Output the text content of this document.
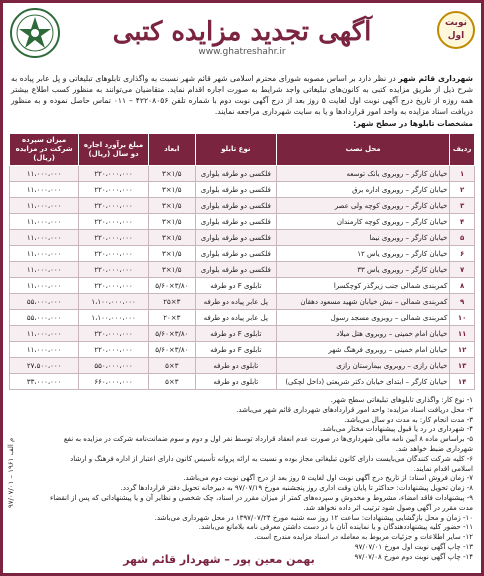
آگهی تجدید مزایده کتبی
www.ghatreshahr.ir
نوبت اول
شهرداری قائم شهر در نظر دارد بر اساس مصوبه شورای محترم اسلامی شهر قائم شهر نسبت به واگذاری تابلوهای تبلیغاتی و پل عابر پیاده به شرح ذیل از طریق مزایده کتبی به کانون‌های تبلیغاتی واجد شرایط به صورت اجاره اقدام نماید. متقاضیان می‌توانند به منظور کسب اطلاع بیشتر همه روزه از تاریخ درج آگهی نوبت اول لغایت ۵ روز بعد از درج آگهی نوبت دوم با شماره تلفن ۴۲۲۰۸۰۵۶ – ۰۱۱ تماس حاصل نموده و به منظور دریافت اسناد مزایده به واحد امور قراردادها و یا به سایت شهرداری مراجعه نمایند.
مشخصات تابلوها در سطح شهر:
ردیف	محل نصب	نوع تابلو	ابعاد	مبلغ برآورد اجاره دو سال (ریال)	میزان سپرده شرکت در مزایده (ریال)
۱	خیابان کارگر – روبروی بانک توسعه	فلکسی دو طرفه بلواری	۱/۵×۳	۲۲۰،۰۰۰،۰۰۰	۱۱،۰۰۰،۰۰۰
۲	خیابان کارگر – روبروی اداره برق	فلکسی دو طرفه بلواری	۱/۵×۳	۲۲۰،۰۰۰،۰۰۰	۱۱،۰۰۰،۰۰۰
۳	خیابان کارگر – روبروی کوچه ولی عصر	فلکسی دو طرفه بلواری	۱/۵×۳	۲۲۰،۰۰۰،۰۰۰	۱۱،۰۰۰،۰۰۰
۴	خیابان کارگر – روبروی کوچه کارمندان	فلکسی دو طرفه بلواری	۱/۵×۳	۲۲۰،۰۰۰،۰۰۰	۱۱،۰۰۰،۰۰۰
۵	خیابان کارگر – روبروی نیما	فلکسی دو طرفه بلواری	۱/۵×۳	۲۲۰،۰۰۰،۰۰۰	۱۱،۰۰۰،۰۰۰
۶	خیابان کارگر – روبروی یاس ۱۲	فلکسی دو طرفه بلواری	۱/۵×۳	۲۲۰،۰۰۰،۰۰۰	۱۱،۰۰۰،۰۰۰
۷	خیابان کارگر – روبروی یاس ۳۳	فلکسی دو طرفه بلواری	۱/۵×۳	۲۲۰،۰۰۰،۰۰۰	۱۱،۰۰۰،۰۰۰
۸	کمربندی شمالی جنب زیرگذر کوچکسرا	تابلوی F دو طرفه	۳/۸۰×۵/۶۰	۲۲۰،۰۰۰،۰۰۰	۱۱،۰۰۰،۰۰۰
۹	کمربندی شمالی – نبش خیابان شهید مسعود دهقان	پل عابر پیاده دو طرفه	۳×۲۵	۱،۱۰۰،۰۰۰،۰۰۰	۵۵،۰۰۰،۰۰۰
۱۰	کمربندی شمالی – روبروی مسجد رسول	پل عابر پیاده دو طرفه	۳×۲۰	۱،۱۰۰،۰۰۰،۰۰۰	۵۵،۰۰۰،۰۰۰
۱۱	خیابان امام خمینی – روبروی هتل میلاد	تابلوی F دو طرفه	۳/۸۰×۵/۶۰	۲۲۰،۰۰۰،۰۰۰	۱۱،۰۰۰،۰۰۰
۱۲	خیابان امام خمینی – روبروی فرهنگ شهر	تابلوی F دو طرفه	۳/۸۰×۵/۶۰	۲۲۰،۰۰۰،۰۰۰	۱۱،۰۰۰،۰۰۰
۱۳	خیابان رازی – روبروی بیمارستان رازی	تابلوی دو طرفه	۳×۵	۵۵۰،۰۰۰،۰۰۰	۲۷،۵۰۰،۰۰۰
۱۴	خیابان کارگر – ابتدای خیابان دکتر شریعتی (داخل لچکی)	تابلوی دو طرفه	۳×۵	۶۶۰،۰۰۰،۰۰۰	۳۳،۰۰۰،۰۰۰
۱- نوع کار: واگذاری تابلوهای تبلیغاتی سطح شهر.
۲- محل دریافت اسناد مزایده: واحد امور قراردادهای شهرداری قائم شهر می‌باشد.
۳- مدت انجام کار: به مدت دو سال می‌باشد.
۴- شهرداری در رد یا قبول پیشنهادات مختار می‌باشد.
۵- براساس ماده ۸ آیین نامه مالی شهرداری‌ها در صورت عدم انعقاد قرارداد توسط نفر اول و دوم و سوم ضمانت‌نامه شرکت در مزایده به نفع شهرداری ضبط خواهد شد.
۶- کلیه شرکت کنندگان می‌بایست دارای کانون تبلیغاتی مجاز بوده و نسبت به ارائه پروانه تأسیس کانون دارای اعتبار از اداره فرهنگ و ارشاد اسلامی اقدام نمایند.
۷- زمان فروش اسناد: از تاریخ درج آگهی نوبت اول لغایت ۵ روز بعد از درج آگهی نوبت دوم می‌باشد.
۸- زمان تحویل پیشنهادات: حداکثر تا پایان وقت اداری روز پنجشنبه مورخ ۹۷/۰۷/۱۹ به دبیرخانه تحویل دفتر قراردادها گردد.
۹- پیشنهادات فاقد امضاء، مشروط و مخدوش و سپرده‌های کمتر از میزان مقرر در اسناد، چک شخصی و نظایر آن و یا پیشنهاداتی که پس از انقضاء مدت مقرر در آگهی وصول شود ترتیب اثر داده نخواهد شد.
۱۰- زمان و محل بازگشایی پیشنهادات: ساعت ۱۲ روز سه شنبه مورخ ۱۳۹۷/۰۷/۲۴ در محل شهرداری می‌باشد.
۱۱- حضور کلیه پیشنهاددهندگان و یا نماینده آنان با در دست داشتن معرفی نامه بلامانع می‌باشد.
۱۲- سایر اطلاعات و جزئیات مربوط به معامله در اسناد مزایده مندرج است.
۱۳- چاپ آگهی نوبت اول مورخ ۹۷/۰۷/۰۱
۱۴- چاپ آگهی نوبت دوم مورخ ۹۷/۰۷/۰۸
م الف ۱۹۶۱ – ۹۷/۰۷/۰۱
بهمن معین پور – شهردار قائم شهر
